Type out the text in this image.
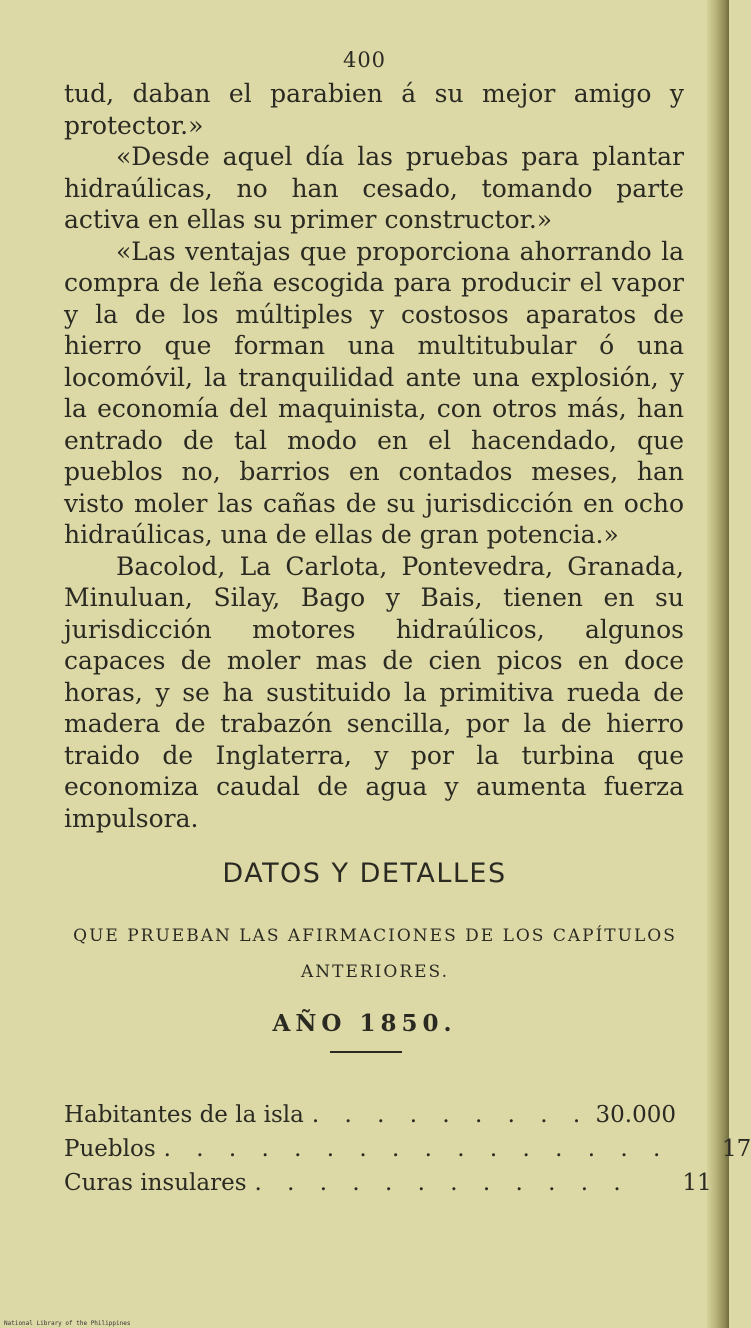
400

tud, daban el parabien á su mejor amigo y protector.»

«Desde aquel día las pruebas para plantar hidraúlicas, no han cesado, tomando parte activa en ellas su primer constructor.»

«Las ventajas que proporciona ahorrando la compra de leña escogida para producir el vapor y la de los múltiples y costosos aparatos de hierro que forman una multitubular ó una locomóvil, la tranquilidad ante una explosión, y la economía del maquinista, con otros más, han entrado de tal modo en el hacendado, que pueblos no, barrios en contados meses, han visto moler las cañas de su jurisdicción en ocho hidraúlicas, una de ellas de gran potencia.»

Bacolod, La Carlota, Pontevedra, Granada, Minuluan, Silay, Bago y Bais, tienen en su jurisdicción motores hidraúlicos, algunos capaces de moler mas de cien picos en doce horas, y se ha sustituido la primitiva rueda de madera de trabazón sencilla, por la de hierro traido de Inglaterra, y por la turbina que economiza caudal de agua y aumenta fuerza impulsora.

DATOS Y DETALLES
QUE PRUEBAN LAS AFIRMACIONES DE LOS CAPÍTULOS ANTERIORES.
AÑO 1850.
Habitantes de la isla . . . . . . . . . 30.000
Pueblos . . . . . . . . . . . . . . . .	17
Curas insulares . . . . . . . . . . . .	11
National Library of the Philippines
